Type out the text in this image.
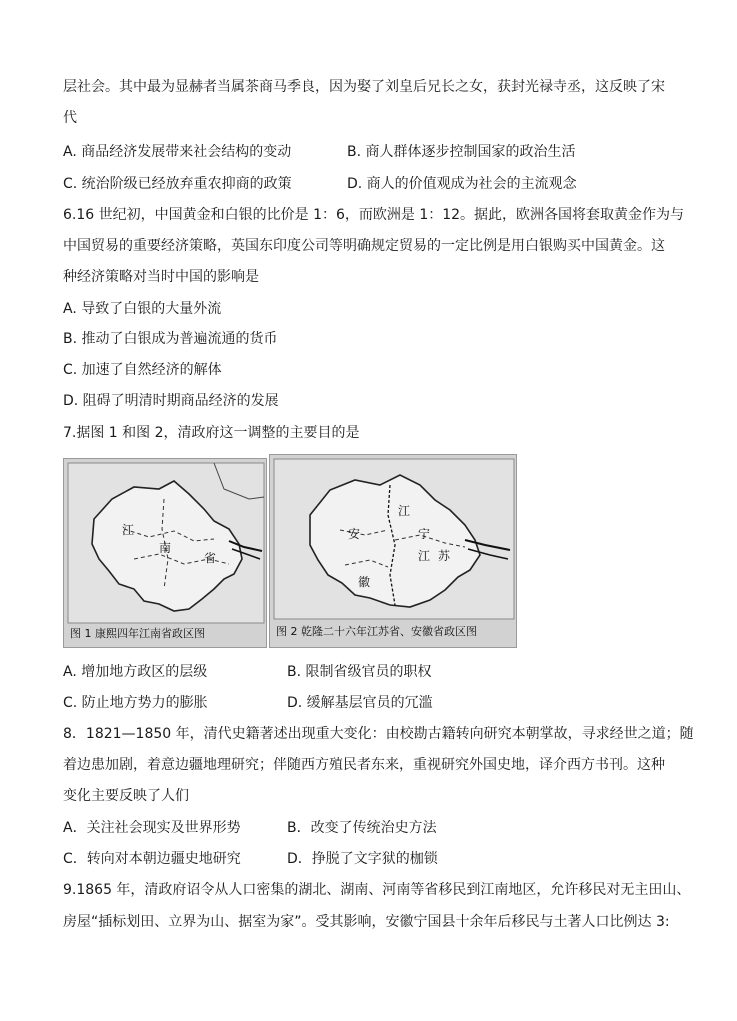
层社会。其中最为显赫者当属茶商马季良，因为娶了刘皇后兄长之女，获封光禄寺丞，这反映了宋
代
A. 商品经济发展带来社会结构的变动	B. 商人群体逐步控制国家的政治生活
C. 统治阶级已经放弃重农抑商的政策	D. 商人的价值观成为社会的主流观念
6.16 世纪初，中国黄金和白银的比价是 1：6，而欧洲是 1：12。据此，欧洲各国将套取黄金作为与
中国贸易的重要经济策略，英国东印度公司等明确规定贸易的一定比例是用白银购买中国黄金。这
种经济策略对当时中国的影响是
A. 导致了白银的大量外流
B. 推动了白银成为普遍流通的货币
C. 加速了自然经济的解体
D. 阻碍了明清时期商品经济的发展
7.据图 1 和图 2，清政府这一调整的主要目的是
江
南
省
图 1 康熙四年江南省政区图
江
安	宁
江 苏
徽
图 2 乾隆二十六年江苏省、安徽省政区图
A. 增加地方政区的层级	B. 限制省级官员的职权
C. 防止地方势力的膨胀	D. 缓解基层官员的冗滥
8．1821—1850 年，清代史籍著述出现重大变化：由校勘古籍转向研究本朝掌故，寻求经世之道；随
着边患加剧，着意边疆地理研究；伴随西方殖民者东来，重视研究外国史地，译介西方书刊。这种
变化主要反映了人们
A．关注社会现实及世界形势	B．改变了传统治史方法
C．转向对本朝边疆史地研究	D．挣脱了文字狱的枷锁
9.1865 年，清政府诏令从人口密集的湖北、湖南、河南等省移民到江南地区，允许移民对无主田山、
房屋“插标划田、立界为山、据室为家”。受其影响，安徽宁国县十余年后移民与土著人口比例达 3:
